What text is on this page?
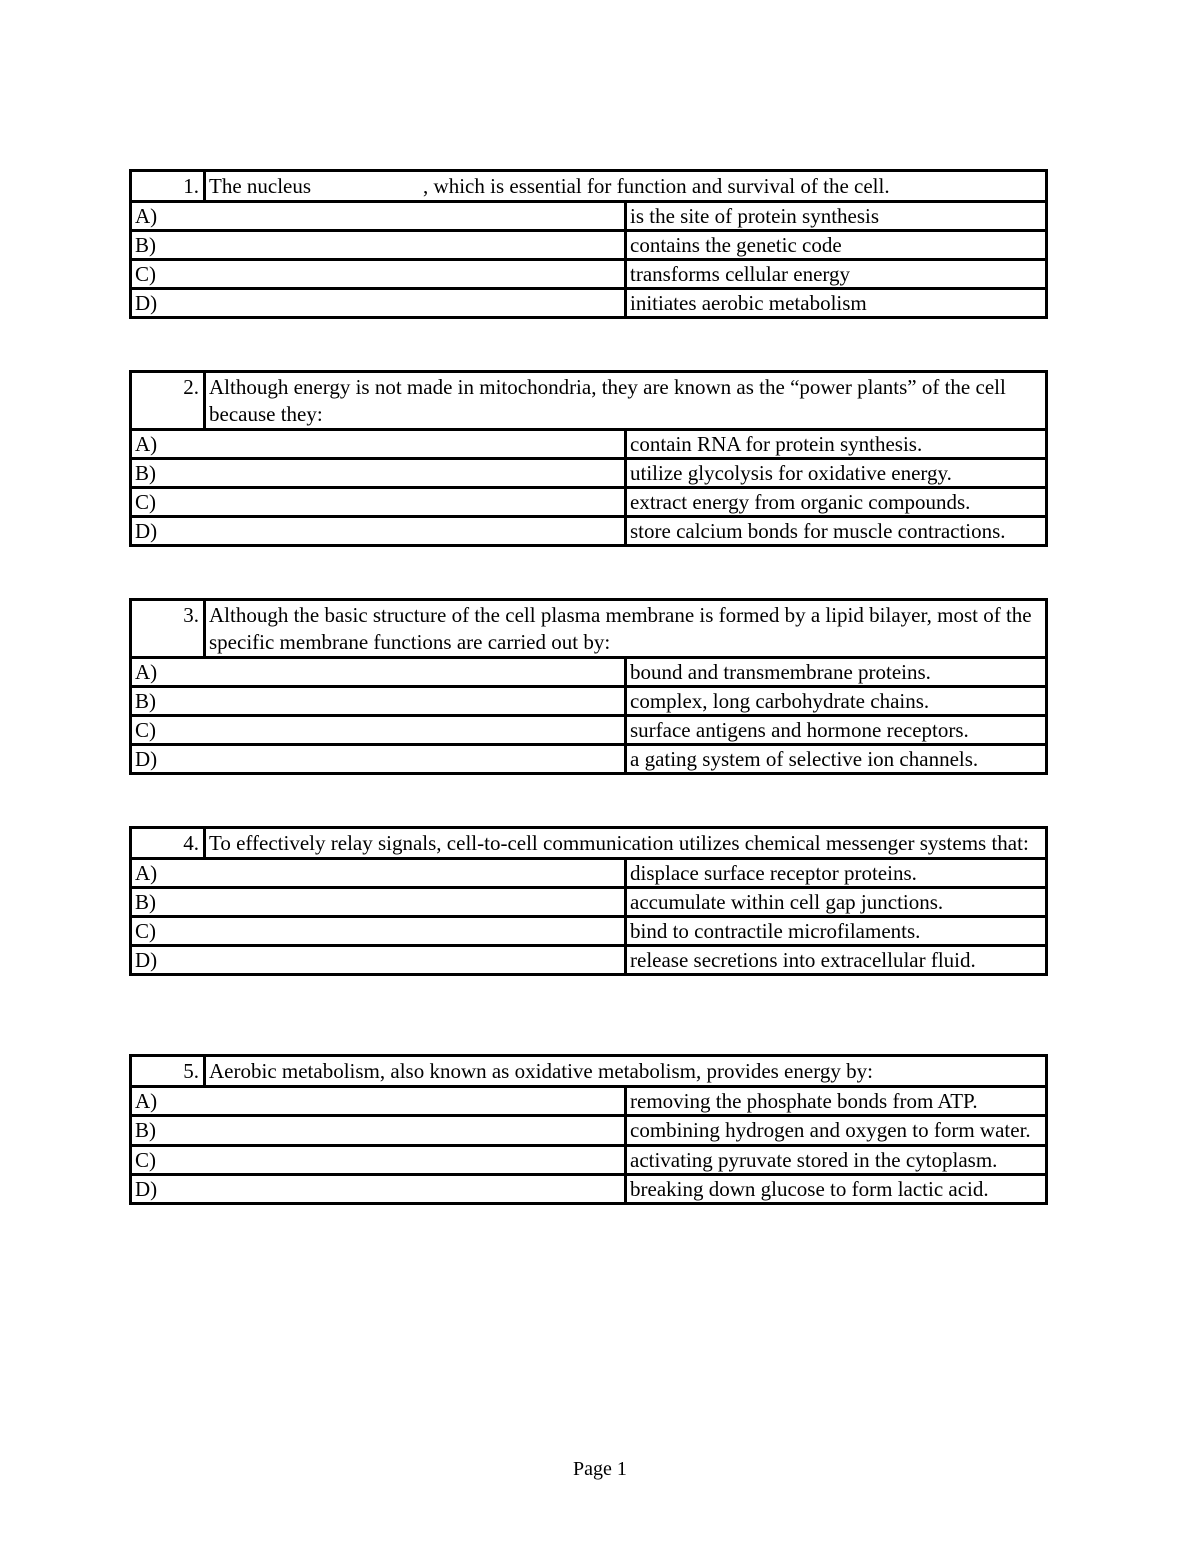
1.	The nucleus , which is essential for function and survival of the cell.	
A)		is the site of protein synthesis
B)		contains the genetic code
C)		transforms cellular energy
D)		initiates aerobic metabolism
2.	Although energy is not made in mitochondria, they are known as the “power plants” of the cell because they:	
A)		contain RNA for protein synthesis.
B)		utilize glycolysis for oxidative energy.
C)		extract energy from organic compounds.
D)		store calcium bonds for muscle contractions.
3.	Although the basic structure of the cell plasma membrane is formed by a lipid bilayer, most of the specific membrane functions are carried out by:	
A)		bound and transmembrane proteins.
B)		complex, long carbohydrate chains.
C)		surface antigens and hormone receptors.
D)		a gating system of selective ion channels.
4.	To effectively relay signals, cell-to-cell communication utilizes chemical messenger systems that:	
A)		displace surface receptor proteins.
B)		accumulate within cell gap junctions.
C)		bind to contractile microfilaments.
D)		release secretions into extracellular fluid.
5.	Aerobic metabolism, also known as oxidative metabolism, provides energy by:	
A)		removing the phosphate bonds from ATP.
B)		combining hydrogen and oxygen to form water.
C)		activating pyruvate stored in the cytoplasm.
D)		breaking down glucose to form lactic acid.
Page 1
